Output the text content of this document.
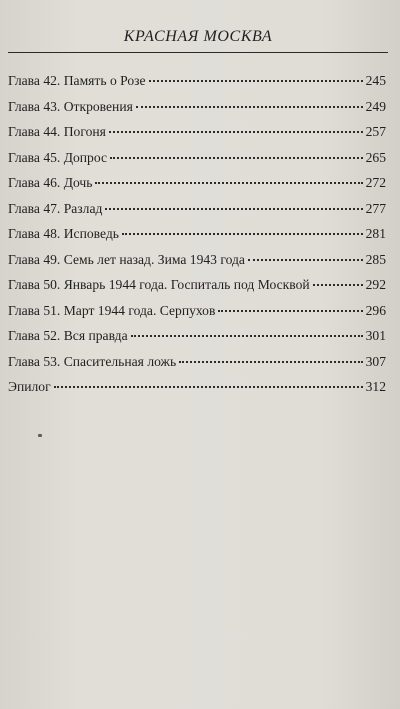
КРАСНАЯ МОСКВА
Глава 42. Память о Розе	245
Глава 43. Откровения	249
Глава 44. Погоня	257
Глава 45. Допрос	265
Глава 46. Дочь	272
Глава 47. Разлад	277
Глава 48. Исповедь	281
Глава 49. Семь лет назад. Зима 1943 года	285
Глава 50. Январь 1944 года. Госпиталь под Москвой	292
Глава 51. Март 1944 года. Серпухов	296
Глава 52. Вся правда	301
Глава 53. Спасительная ложь	307
Эпилог	312
